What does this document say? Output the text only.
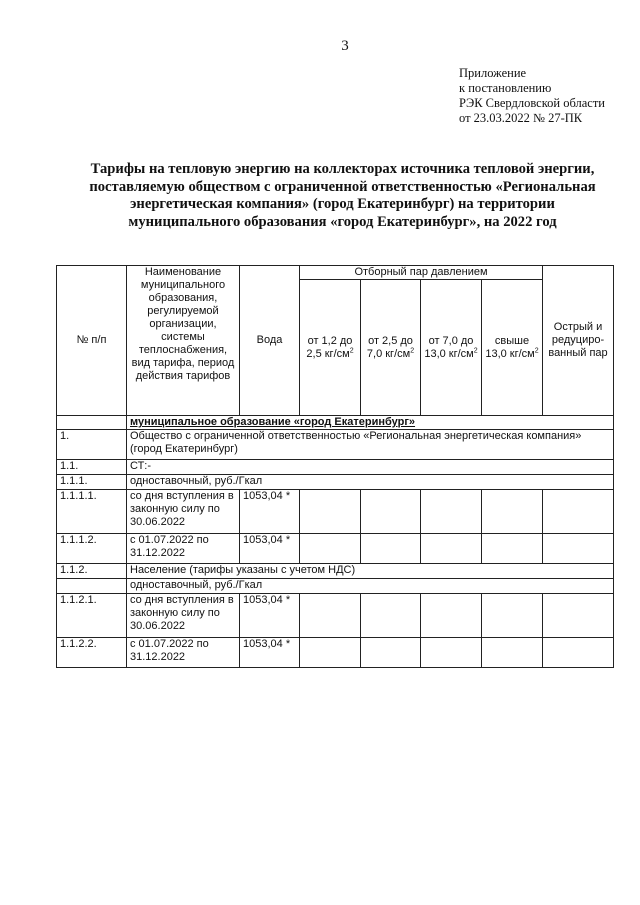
3
Приложение
к постановлению
РЭК Свердловской области
от 23.03.2022 № 27-ПК
Тарифы на тепловую энергию на коллекторах источника тепловой энергии,
поставляемую обществом с ограниченной ответственностью «Региональная
энергетическая компания» (город Екатеринбург) на территории
муниципального образования «город Екатеринбург», на 2022 год
№ п/п	Наименование муниципального образования, регулируемой организации, системы теплоснабжения, вид тарифа, период действия тарифов	Вода	Отборный пар давлением				Острый и редуциро-ванный пар
			от 1,2 до 2,5 $кг/см^2$	от 2,5 до 7,0 $кг/см^2$	от 7,0 до 13,0 $кг/см^2$	свыше 13,0 $кг/см^2$
	муниципальное образование «город Екатеринбург»						
1.	Общество с ограниченной ответственностью «Региональная энергетическая компания» (город Екатеринбург)						
1.1.	СТ:-						
1.1.1.	одноставочный, руб./Гкал						
1.1.1.1.	со дня вступления в законную силу по 30.06.2022	1053,04 *					
1.1.1.2.	с 01.07.2022 по 31.12.2022	1053,04 *					
1.1.2.	Население (тарифы указаны с учетом НДС)						
	одноставочный, руб./Гкал						
1.1.2.1.	со дня вступления в законную силу по 30.06.2022	1053,04 *					
1.1.2.2.	с 01.07.2022 по 31.12.2022	1053,04 *					
